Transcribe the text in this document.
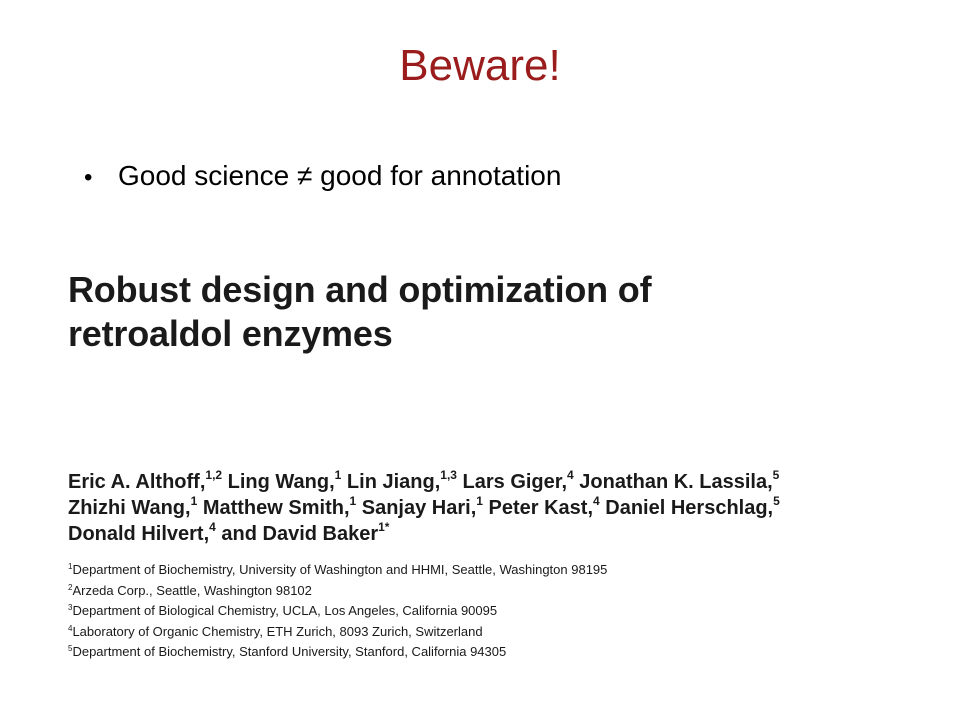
Beware!
• Good science ≠ good for annotation
Robust design and optimization of
retroaldol enzymes
Eric A. Althoff,$^{1,2}$ Ling Wang,$^1$ Lin Jiang,$^{1,3}$ Lars Giger,$^4$ Jonathan K. Lassila,$^5$
Zhizhi Wang,$^1$ Matthew Smith,$^1$ Sanjay Hari,$^1$ Peter Kast,$^4$ Daniel Herschlag,$^5$
Donald Hilvert,$^4$ and David Baker$^{1*}$
$^1$Department of Biochemistry, University of Washington and HHMI, Seattle, Washington 98195
$^2$Arzeda Corp., Seattle, Washington 98102
$^3$Department of Biological Chemistry, UCLA, Los Angeles, California 90095
$^4$Laboratory of Organic Chemistry, ETH Zurich, 8093 Zurich, Switzerland
$^5$Department of Biochemistry, Stanford University, Stanford, California 94305
